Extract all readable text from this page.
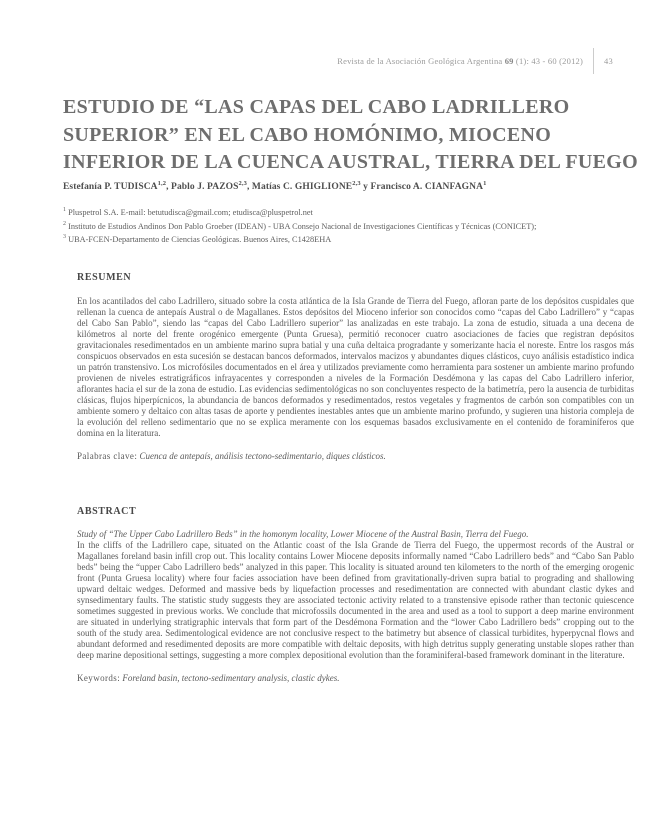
Revista de la Asociación Geológica Argentina 69 (1): 43 - 60 (2012) 43
ESTUDIO DE “LAS CAPAS DEL CABO LADRILLERO
SUPERIOR” EN EL CABO HOMÓNIMO, MIOCENO
INFERIOR DE LA CUENCA AUSTRAL, TIERRA DEL FUEGO
Estefanía P. TUDISCA$^{1,2}$, Pablo J. PAZOS$^{2,3}$, Matías C. GHIGLIONE$^{2,3}$ y Francisco A. CIANFAGNA$^1$
$^1$ Pluspetrol S.A. E-mail: betutudisca@gmail.com; etudisca@pluspetrol.net
$^2$ Instituto de Estudios Andinos Don Pablo Groeber (IDEAN) - UBA Consejo Nacional de Investigaciones Científicas y Técnicas (CONICET);
$^3$ UBA-FCEN-Departamento de Ciencias Geológicas. Buenos Aires, C1428EHA
RESUMEN

En los acantilados del cabo Ladrillero, situado sobre la costa atlántica de la Isla Grande de Tierra del Fuego, afloran parte de los depósitos cuspidales que rellenan la cuenca de antepaís Austral o de Magallanes. Estos depósitos del Mioceno inferior son conocidos como “capas del Cabo Ladrillero” y “capas del Cabo San Pablo”, siendo las “capas del Cabo Ladrillero superior” las analizadas en este trabajo. La zona de estudio, situada a una decena de kilómetros al norte del frente orogénico emergente (Punta Gruesa), permitió reconocer cuatro asociaciones de facies que registran depósitos gravitacionales resedimentados en un ambiente marino supra batial y una cuña deltaica progradante y somerizante hacia el noreste. Entre los rasgos más conspicuos observados en esta sucesión se destacan bancos deformados, intervalos macizos y abundantes diques clásticos, cuyo análisis estadístico indica un patrón transtensivo. Los microfósiles documentados en el área y utilizados previamente como herramienta para sostener un ambiente marino profundo provienen de niveles estratigráficos infrayacentes y corresponden a niveles de la Formación Desdémona y las capas del Cabo Ladrillero inferior, aflorantes hacia el sur de la zona de estudio. Las evidencias sedimentológicas no son concluyentes respecto de la batimetría, pero la ausencia de turbiditas clásicas, flujos hiperpícnicos, la abundancia de bancos deformados y resedimentados, restos vegetales y fragmentos de carbón son compatibles con un ambiente somero y deltaico con altas tasas de aporte y pendientes inestables antes que un ambiente marino profundo, y sugieren una historia compleja de la evolución del relleno sedimentario que no se explica meramente con los esquemas basados exclusivamente en el contenido de foraminíferos que domina en la literatura.

Palabras clave: Cuenca de antepaís, análisis tectono-sedimentario, diques clásticos.

ABSTRACT

Study of “The Upper Cabo Ladrillero Beds” in the homonym locality, Lower Miocene of the Austral Basin, Tierra del Fuego.

In the cliffs of the Ladrillero cape, situated on the Atlantic coast of the Isla Grande de Tierra del Fuego, the uppermost records of the Austral or Magallanes foreland basin infill crop out. This locality contains Lower Miocene deposits informally named “Cabo Ladrillero beds” and “Cabo San Pablo beds” being the “upper Cabo Ladrillero beds” analyzed in this paper. This locality is situated around ten kilometers to the north of the emerging orogenic front (Punta Gruesa locality) where four facies association have been defined from gravitationally-driven supra batial to prograding and shallowing upward deltaic wedges. Deformed and massive beds by liquefaction processes and resedimentation are connected with abundant clastic dykes and synsedimentary faults. The statistic study suggests they are associated tectonic activity related to a transtensive episode rather than tectonic quiescence sometimes suggested in previous works. We conclude that microfossils documented in the area and used as a tool to support a deep marine environment are situated in underlying stratigraphic intervals that form part of the Desdémona Formation and the “lower Cabo Ladrillero beds” cropping out to the south of the study area. Sedimentological evidence are not conclusive respect to the batimetry but absence of classical turbidites, hyperpycnal flows and abundant deformed and resedimented deposits are more compatible with deltaic deposits, with high detritus supply generating unstable slopes rather than deep marine depositional settings, suggesting a more complex depositional evolution than the foraminiferal-based framework dominant in the literature.

Keywords: Foreland basin, tectono-sedimentary analysis, clastic dykes.
